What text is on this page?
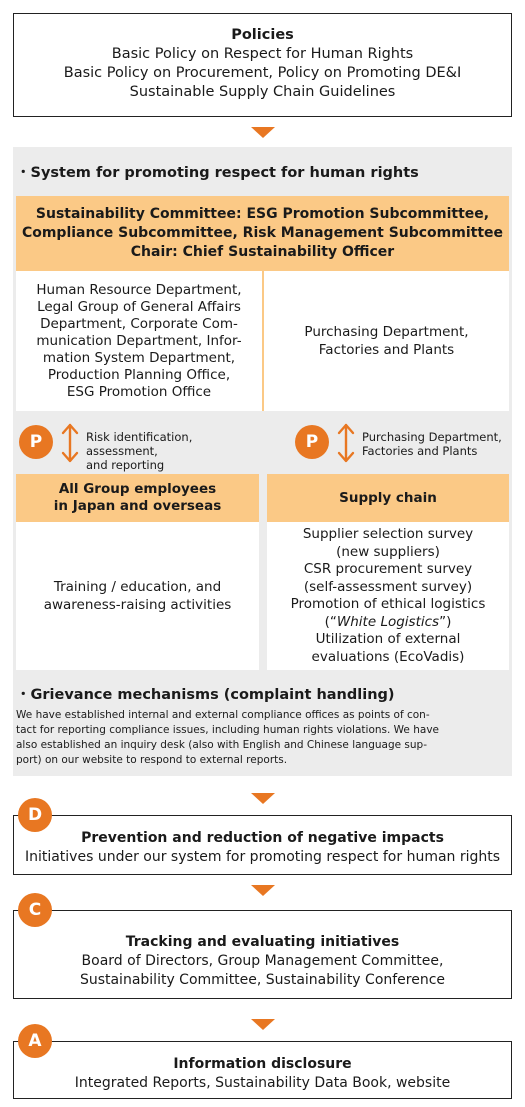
Policies
Basic Policy on Respect for Human Rights
Basic Policy on Procurement, Policy on Promoting DE&I
Sustainable Supply Chain Guidelines
・System for promoting respect for human rights
Sustainability Committee: ESG Promotion Subcommittee,
Compliance Subcommittee, Risk Management Subcommittee
Chair: Chief Sustainability Officer
Human Resource Department,
Legal Group of General Affairs
Department, Corporate Com-
munication Department, Infor-
mation System Department,
Production Planning Office,
ESG Promotion Office
Purchasing Department,
Factories and Plants
P	Risk identification, assessment,
and reporting
P	Purchasing Department,
Factories and Plants
All Group employees
in Japan and overseas
Training / education, and
awareness-raising activities
Supply chain
Supplier selection survey
(new suppliers)
CSR procurement survey
(self-assessment survey)
Promotion of ethical logistics
(“White Logistics”)
Utilization of external
evaluations (EcoVadis)
・Grievance mechanisms (complaint handling)
We have established internal and external compliance offices as points of con-
tact for reporting compliance issues, including human rights violations. We have
also established an inquiry desk (also with English and Chinese language sup-
port) on our website to respond to external reports.
Prevention and reduction of negative impacts
Initiatives under our system for promoting respect for human rights
D
Tracking and evaluating initiatives
Board of Directors, Group Management Committee,
Sustainability Committee, Sustainability Conference
C
Information disclosure
Integrated Reports, Sustainability Data Book, website
A
